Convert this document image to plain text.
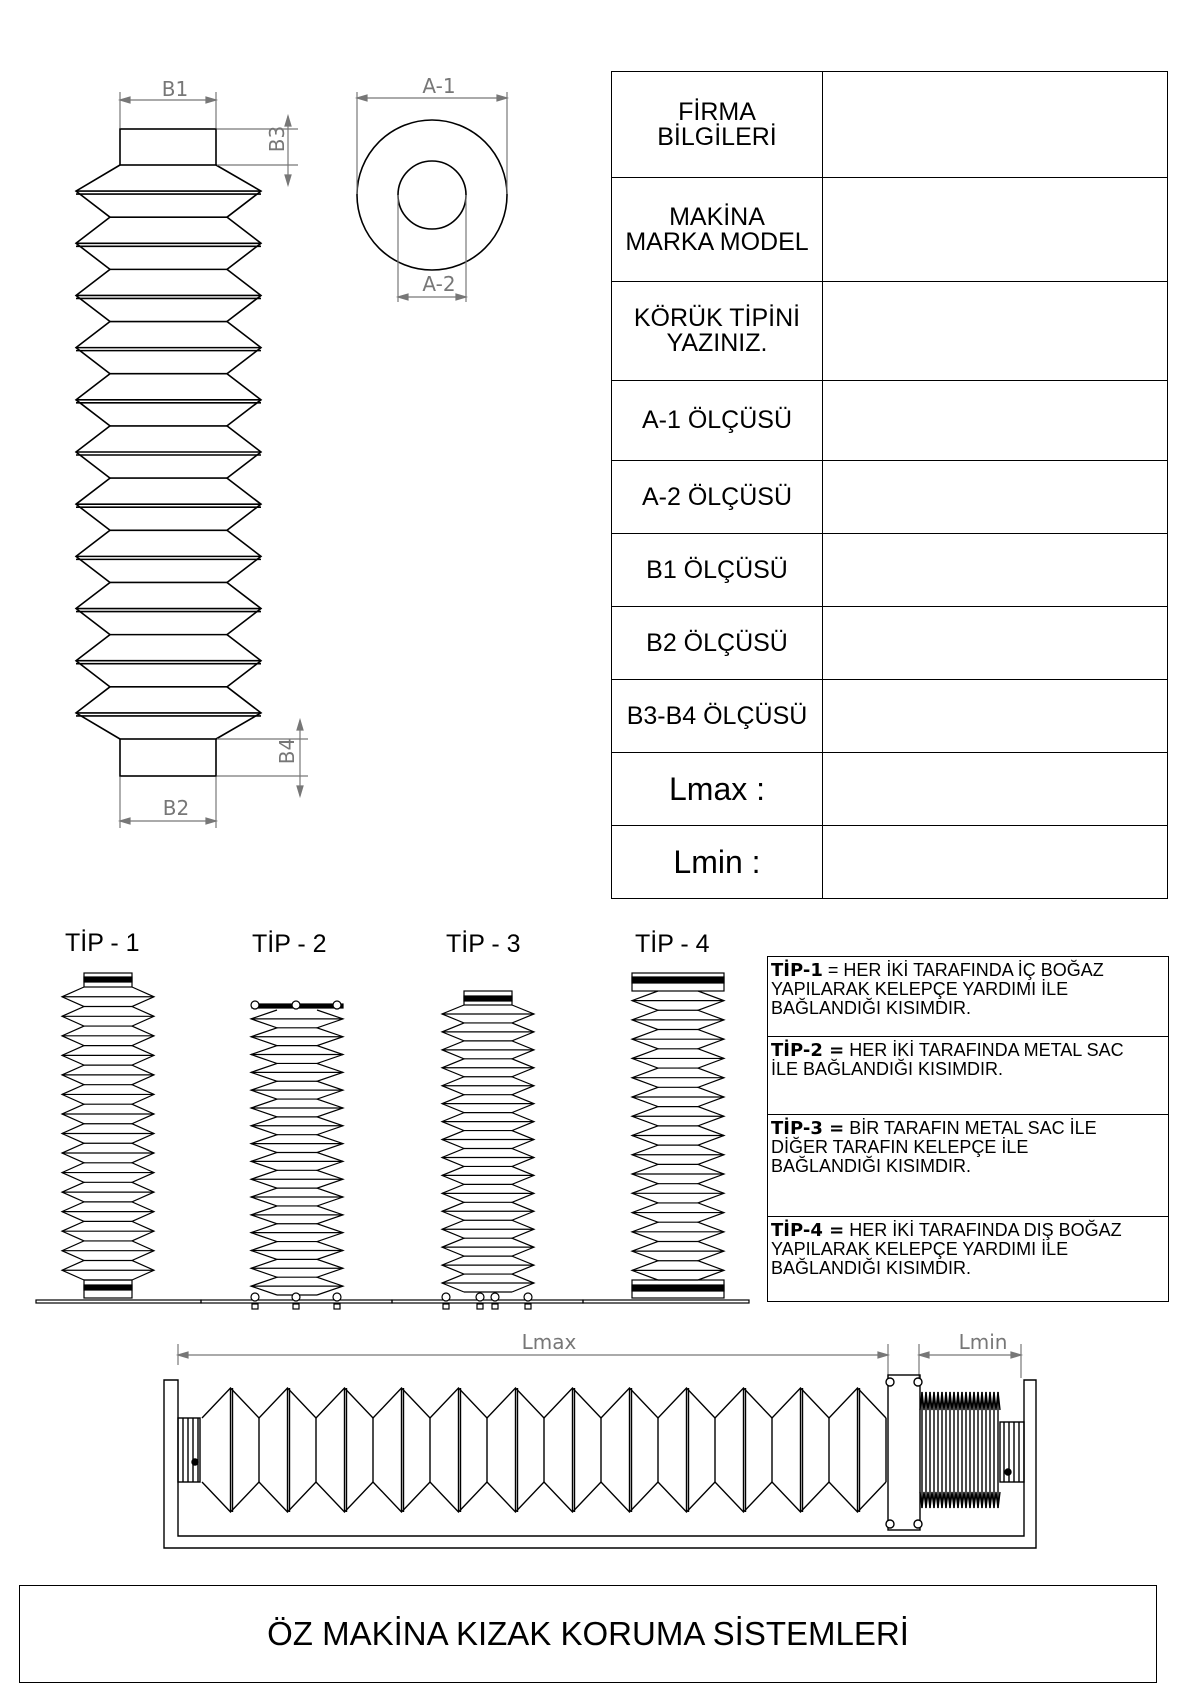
B1
B2
B3
B4
A-1
A-2
Lmax	Lmin
FİRMA
BİLGİLERİ	

MAKİNA
MARKA MODEL	

KÖRÜK TİPİNİ
YAZINIZ.	

A-1 ÖLÇÜSÜ	

A-2 ÖLÇÜSÜ	

B1 ÖLÇÜSÜ	

B2 ÖLÇÜSÜ	

B3-B4 ÖLÇÜSÜ	

Lmax :	

Lmin :	

TİP - 1	TİP - 2	TİP - 3	TİP - 4
TİP-1 = HER İKİ TARAFINDA İÇ BOĞAZ
YAPILARAK KELEPÇE YARDIMI İLE
BAĞLANDIĞI KISIMDIR.
TİP-2 = HER İKİ TARAFINDA METAL SAC
İLE BAĞLANDIĞI KISIMDIR.
TİP-3 = BİR TARAFIN METAL SAC İLE
DİĞER TARAFIN KELEPÇE İLE
BAĞLANDIĞI KISIMDIR.
TİP-4 = HER İKİ TARAFINDA DIŞ BOĞAZ
YAPILARAK KELEPÇE YARDIMI İLE
BAĞLANDIĞI KISIMDIR.
ÖZ MAKİNA KIZAK KORUMA SİSTEMLERİ
